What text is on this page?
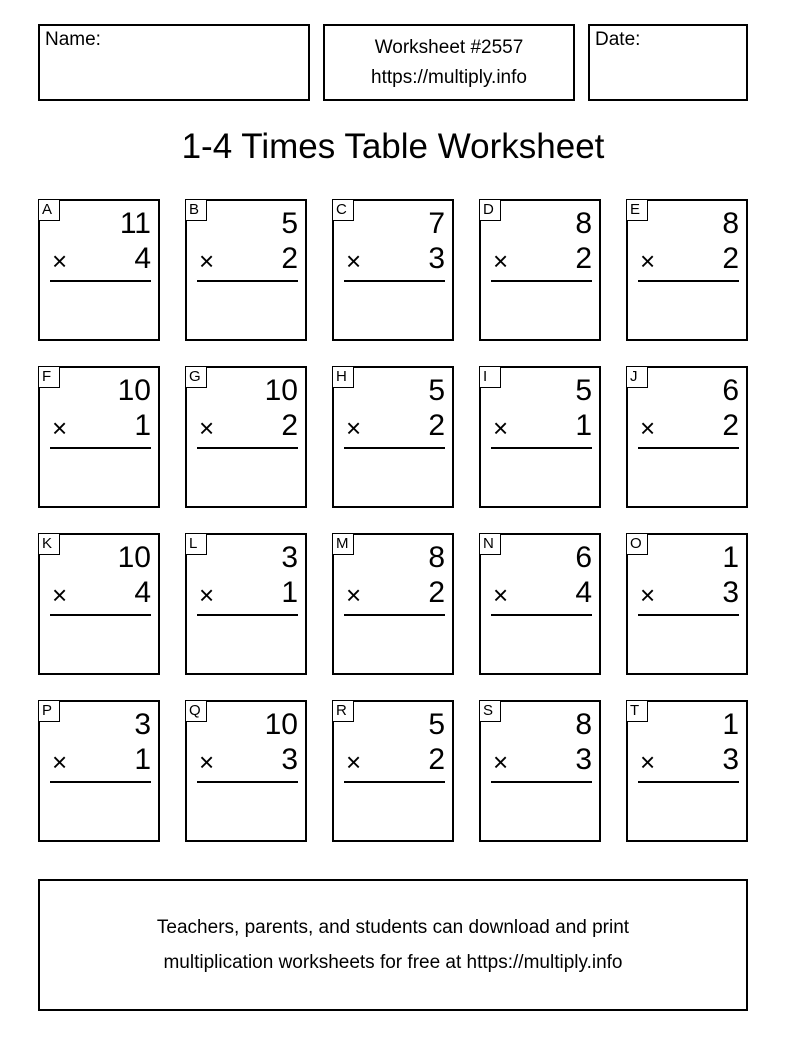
Name:	Worksheet #2557
https://multiply.info
Date:
1-4 Times Table Worksheet
A 11
× 4
B	5
× 2
C	7
× 3
D	8
× 2
E	8
× 2
F 10
× 1
G 10
× 2
H	5
× 2
I	5
× 1
J	6
× 2
K 10
× 4
L	3
× 1
M	8
× 2
N	6
× 4
O	1
× 3
P	3
× 1
Q 10
× 3
R	5
× 2
S	8
× 3
T	1
× 3
Teachers, parents, and students can download and print
multiplication worksheets for free at https://multiply.info
